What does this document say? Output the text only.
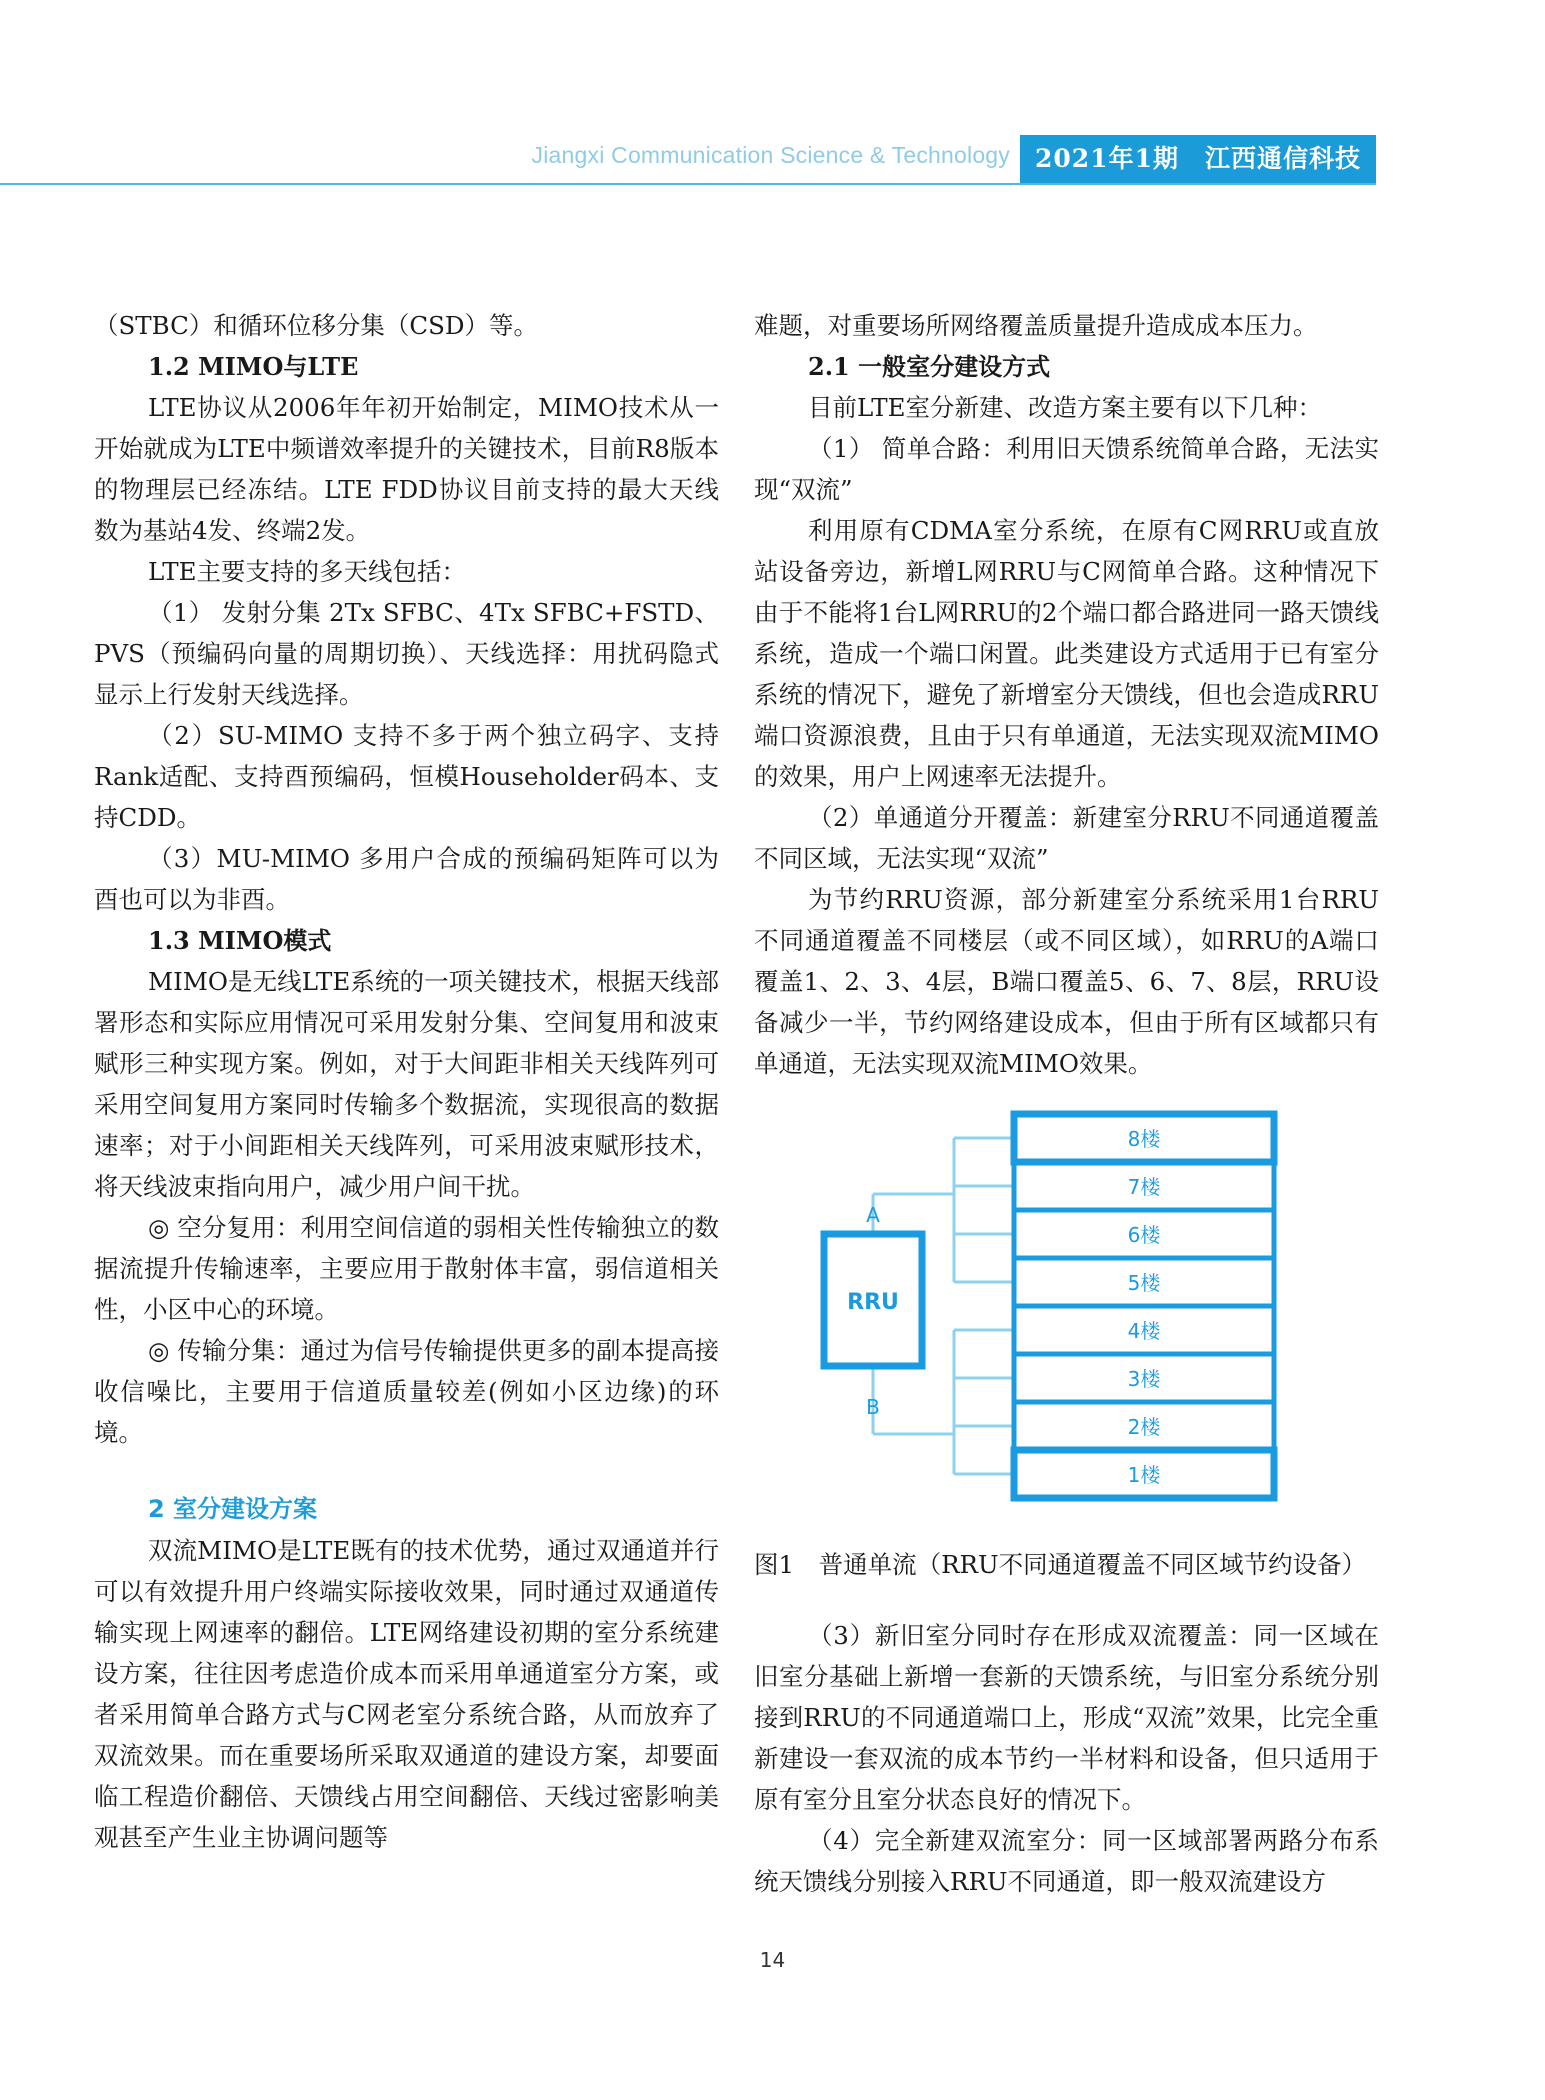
Jiangxi Communication Science & Technology	2021年1期　江西通信科技

（STBC）和循环位移分集（CSD）等。

1.2 MIMO与LTE

LTE协议从2006年年初开始制定，MIMO技术从一开始就成为LTE中频谱效率提升的关键技术，目前R8版本的物理层已经冻结。LTE FDD协议目前支持的最大天线数为基站4发、终端2发。

LTE主要支持的多天线包括：

（1） 发射分集 2Tx SFBC、4Tx SFBC+FSTD、PVS（预编码向量的周期切换）、天线选择：用扰码隐式显示上行发射天线选择。

（2）SU-MIMO 支持不多于两个独立码字、支持Rank适配、支持酉预编码，恒模Householder码本、支持CDD。

（3）MU-MIMO 多用户合成的预编码矩阵可以为酉也可以为非酉。

1.3 MIMO模式

MIMO是无线LTE系统的一项关键技术，根据天线部署形态和实际应用情况可采用发射分集、空间复用和波束赋形三种实现方案。例如，对于大间距非相关天线阵列可采用空间复用方案同时传输多个数据流，实现很高的数据速率；对于小间距相关天线阵列，可采用波束赋形技术，将天线波束指向用户，减少用户间干扰。

◎ 空分复用：利用空间信道的弱相关性传输独立的数据流提升传输速率，主要应用于散射体丰富，弱信道相关性，小区中心的环境。

◎ 传输分集：通过为信号传输提供更多的副本提高接收信噪比，主要用于信道质量较差(例如小区边缘)的环境。

2 室分建设方案

双流MIMO是LTE既有的技术优势，通过双通道并行可以有效提升用户终端实际接收效果，同时通过双通道传输实现上网速率的翻倍。LTE网络建设初期的室分系统建设方案，往往因考虑造价成本而采用单通道室分方案，或者采用简单合路方式与C网老室分系统合路，从而放弃了双流效果。而在重要场所采取双通道的建设方案，却要面临工程造价翻倍、天馈线占用空间翻倍、天线过密影响美观甚至产生业主协调问题等

难题，对重要场所网络覆盖质量提升造成成本压力。

2.1 一般室分建设方式

目前LTE室分新建、改造方案主要有以下几种：

（1） 简单合路：利用旧天馈系统简单合路，无法实现“双流”

利用原有CDMA室分系统，在原有C网RRU或直放站设备旁边，新增L网RRU与C网简单合路。这种情况下由于不能将1台L网RRU的2个端口都合路进同一路天馈线系统，造成一个端口闲置。此类建设方式适用于已有室分系统的情况下，避免了新增室分天馈线，但也会造成RRU端口资源浪费，且由于只有单通道，无法实现双流MIMO的效果，用户上网速率无法提升。

（2）单通道分开覆盖：新建室分RRU不同通道覆盖不同区域，无法实现“双流”

为节约RRU资源，部分新建室分系统采用1台RRU不同通道覆盖不同楼层（或不同区域），如RRU的A端口覆盖1、2、3、4层，B端口覆盖5、6、7、8层，RRU设备减少一半，节约网络建设成本，但由于所有区域都只有单通道，无法实现双流MIMO效果。

RRU
A
B
8楼
7楼
6楼
5楼
4楼
3楼
2楼
1楼

图1　普通单流（RRU不同通道覆盖不同区域节约设备）

（3）新旧室分同时存在形成双流覆盖：同一区域在旧室分基础上新增一套新的天馈系统，与旧室分系统分别接到RRU的不同通道端口上，形成“双流”效果，比完全重新建设一套双流的成本节约一半材料和设备，但只适用于原有室分且室分状态良好的情况下。

（4）完全新建双流室分：同一区域部署两路分布系统天馈线分别接入RRU不同通道，即一般双流建设方

14
